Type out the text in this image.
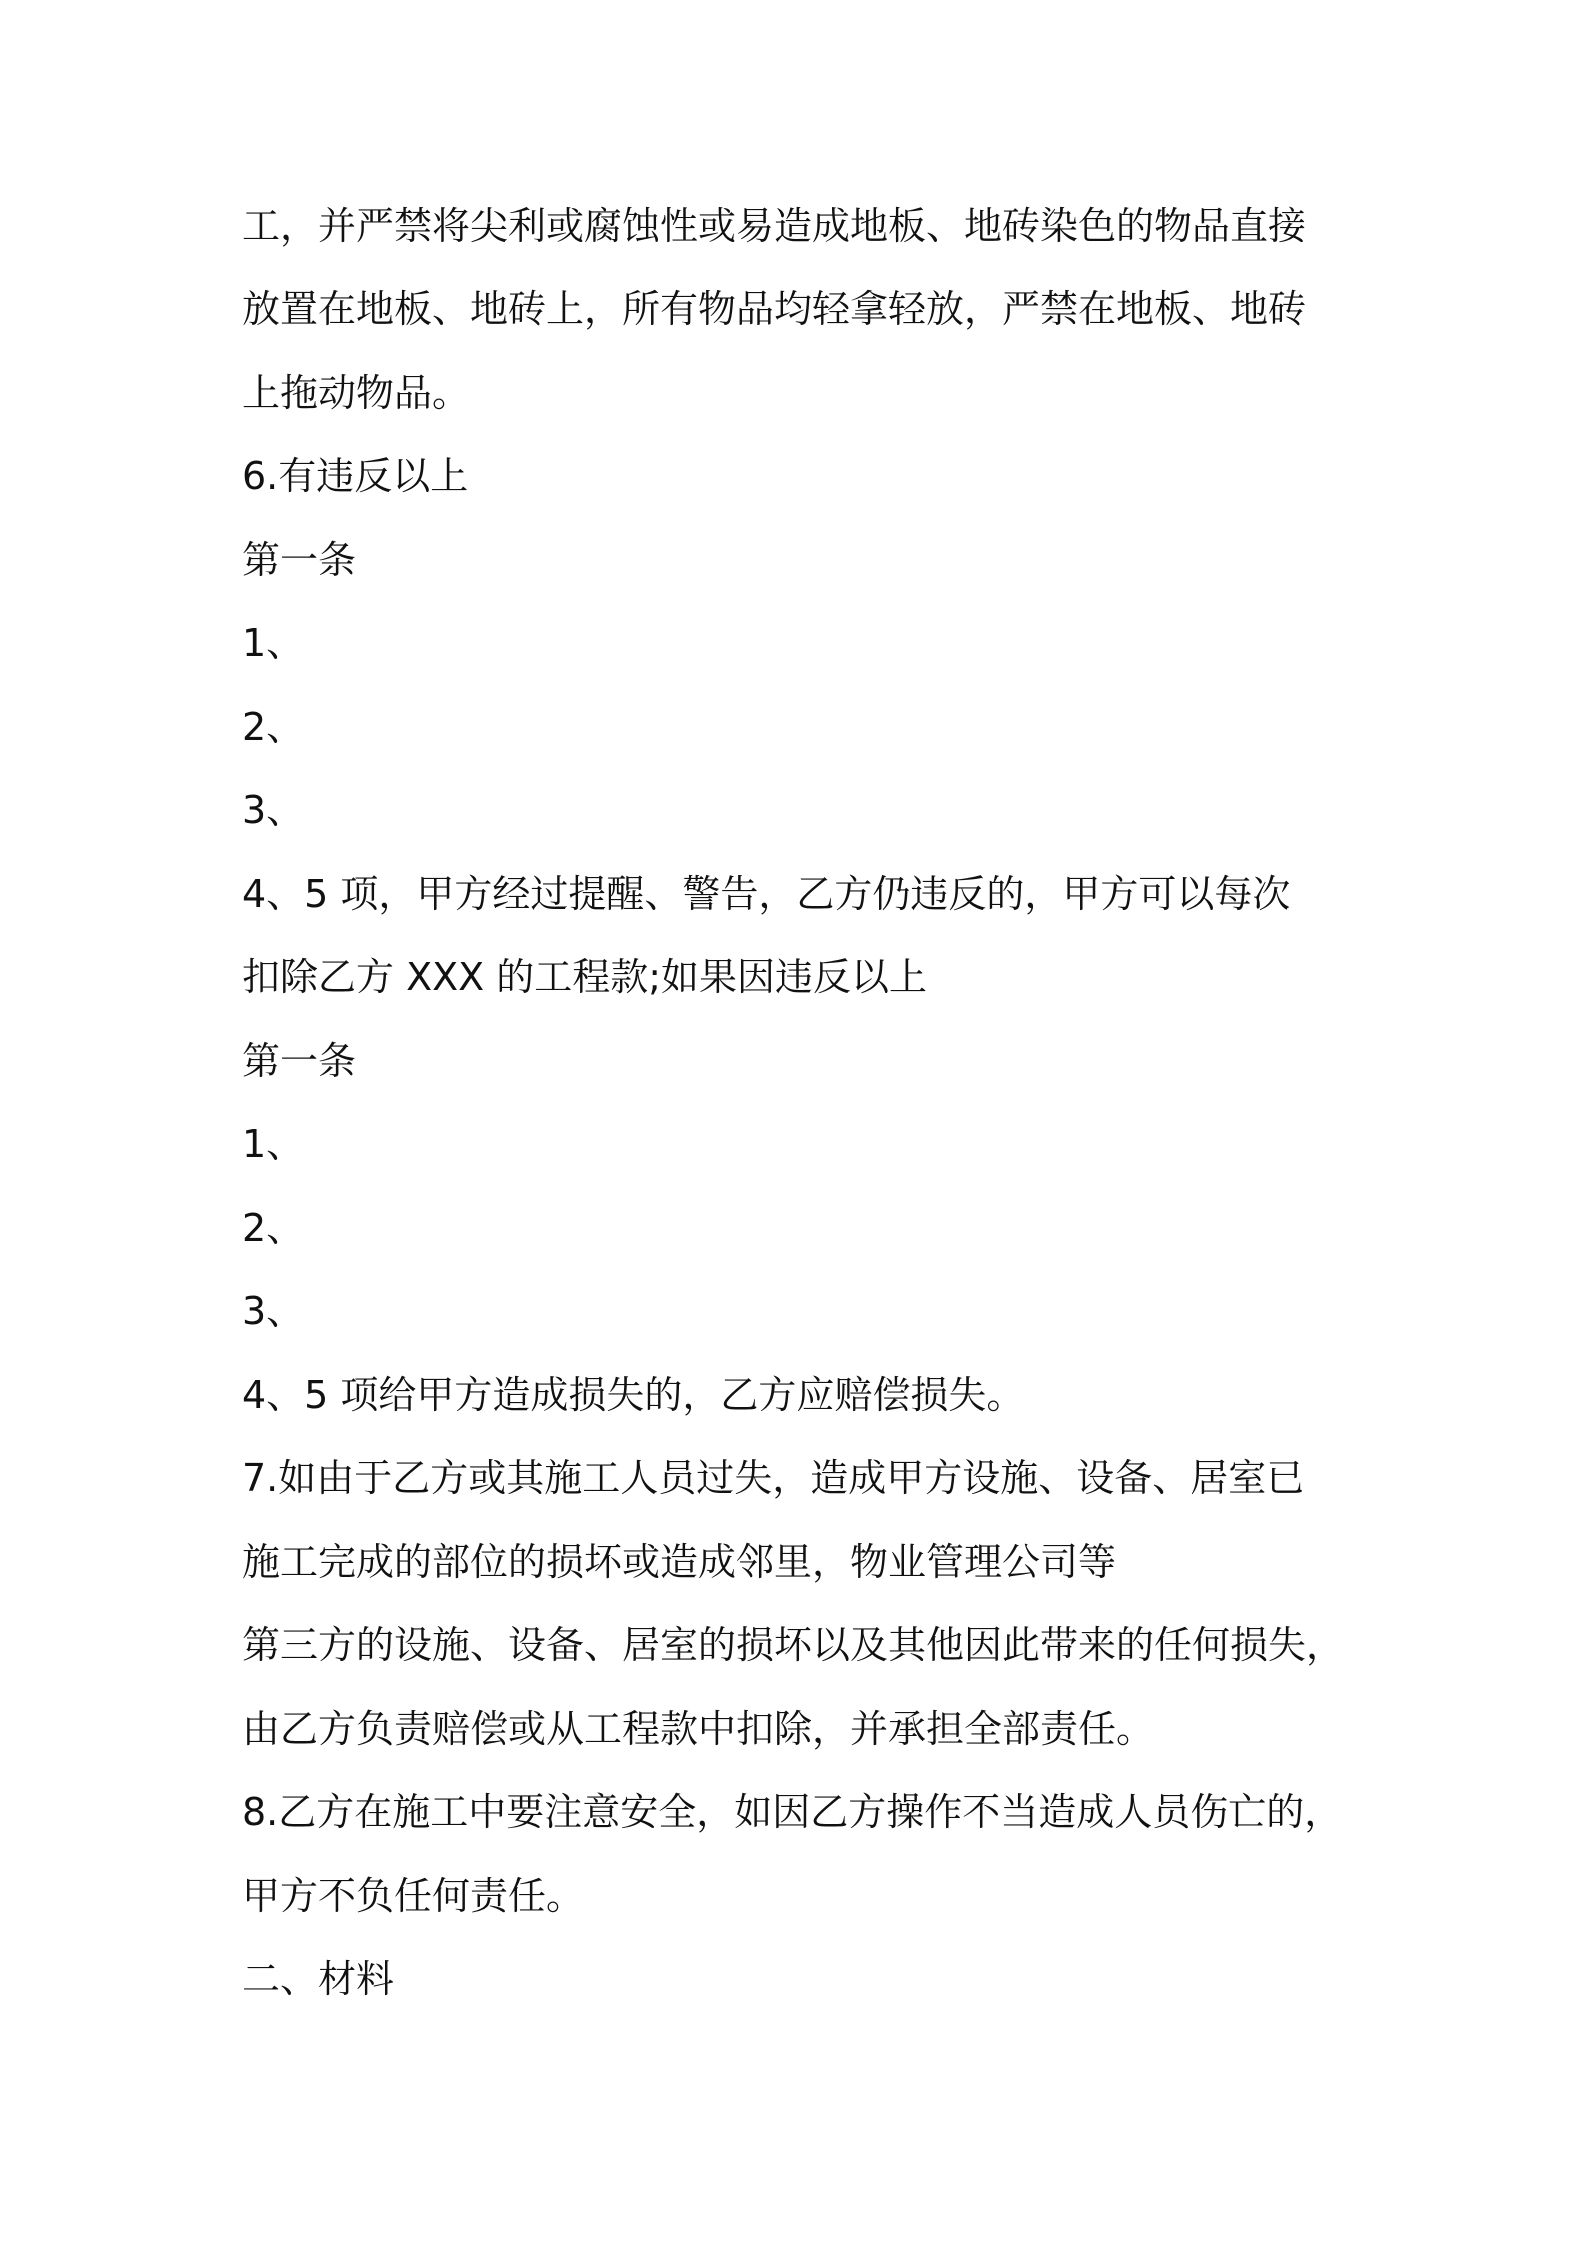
工，并严禁将尖利或腐蚀性或易造成地板、地砖染色的物品直接

放置在地板、地砖上，所有物品均轻拿轻放，严禁在地板、地砖

上拖动物品。

6.有违反以上

第一条

1、

2、

3、

4、5 项，甲方经过提醒、警告，乙方仍违反的，甲方可以每次

扣除乙方 XXX 的工程款;如果因违反以上

第一条

1、

2、

3、

4、5 项给甲方造成损失的，乙方应赔偿损失。

7.如由于乙方或其施工人员过失，造成甲方设施、设备、居室已

施工完成的部位的损坏或造成邻里，物业管理公司等

第三方的设施、设备、居室的损坏以及其他因此带来的任何损失，

由乙方负责赔偿或从工程款中扣除，并承担全部责任。

8.乙方在施工中要注意安全，如因乙方操作不当造成人员伤亡的，

甲方不负任何责任。

二、材料
